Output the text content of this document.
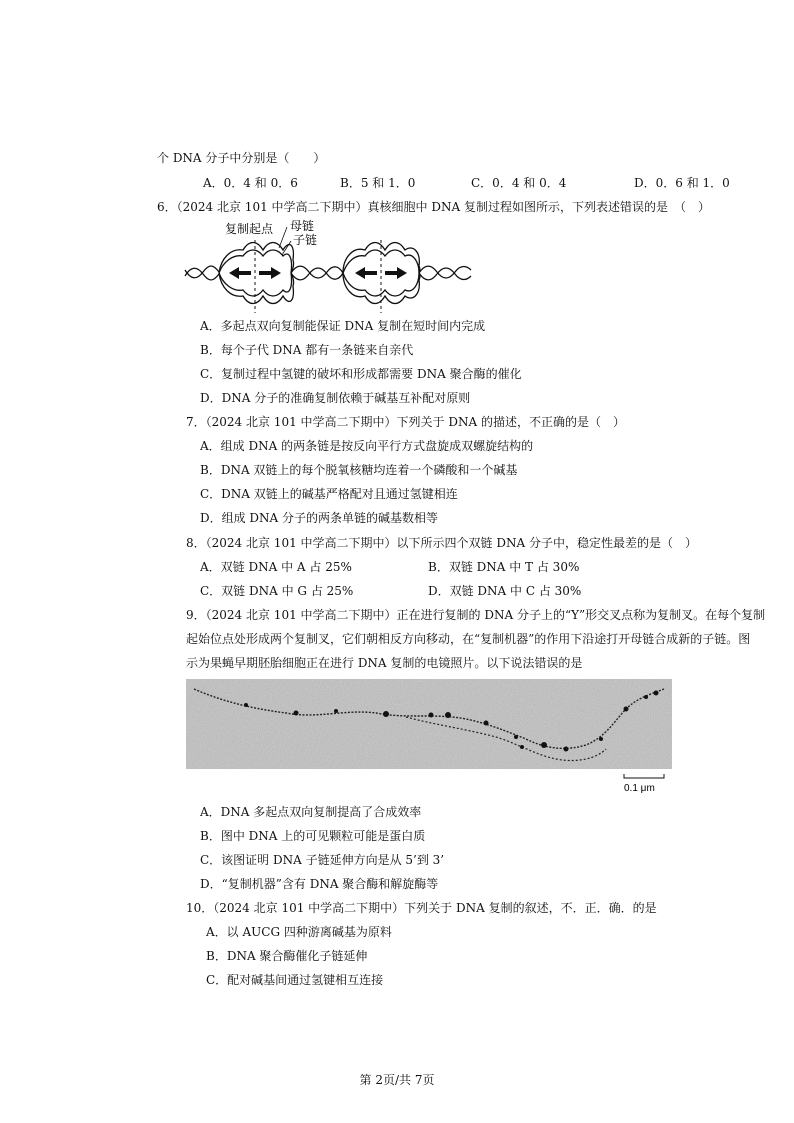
个 DNA 分子中分别是（　　）
A．0．4 和 0．6	B．5 和 1．0	C．0．4 和 0．4	D．0．6 和 1．0
6．（2024 北京 101 中学高二下期中）真核细胞中 DNA 复制过程如图所示，下列表述错误的是　（　）
复制起点 母链
子链
A．多起点双向复制能保证 DNA 复制在短时间内完成
B．每个子代 DNA 都有一条链来自亲代
C．复制过程中氢键的破坏和形成都需要 DNA 聚合酶的催化
D．DNA 分子的准确复制依赖于碱基互补配对原则
7．（2024 北京 101 中学高二下期中）下列关于 DNA 的描述，不正确的是（　）
A．组成 DNA 的两条链是按反向平行方式盘旋成双螺旋结构的
B．DNA 双链上的每个脱氧核糖均连着一个磷酸和一个碱基
C．DNA 双链上的碱基严格配对且通过氢键相连
D．组成 DNA 分子的两条单链的碱基数相等
8．（2024 北京 101 中学高二下期中）以下所示四个双链 DNA 分子中，稳定性最差的是（　）
A．双链 DNA 中 A 占 25%	B．双链 DNA 中 T 占 30%
C．双链 DNA 中 G 占 25%	D．双链 DNA 中 C 占 30%
9．（2024 北京 101 中学高二下期中）正在进行复制的 DNA 分子上的“Y”形交叉点称为复制叉。在每个复制
起始位点处形成两个复制叉，它们朝相反方向移动，在“复制机器”的作用下沿途打开母链合成新的子链。图
示为果蝇早期胚胎细胞正在进行 DNA 复制的电镜照片。以下说法错误的是
0.1 μm
A．DNA 多起点双向复制提高了合成效率
B．图中 DNA 上的可见颗粒可能是蛋白质
C．该图证明 DNA 子链延伸方向是从 5’到 3’
D．“复制机器”含有 DNA 聚合酶和解旋酶等
10．（2024 北京 101 中学高二下期中）下列关于 DNA 复制的叙述，不．正．确．的是
A．以 AUCG 四种游离碱基为原料
B．DNA 聚合酶催化子链延伸
C．配对碱基间通过氢键相互连接
第 2页/共 7页
